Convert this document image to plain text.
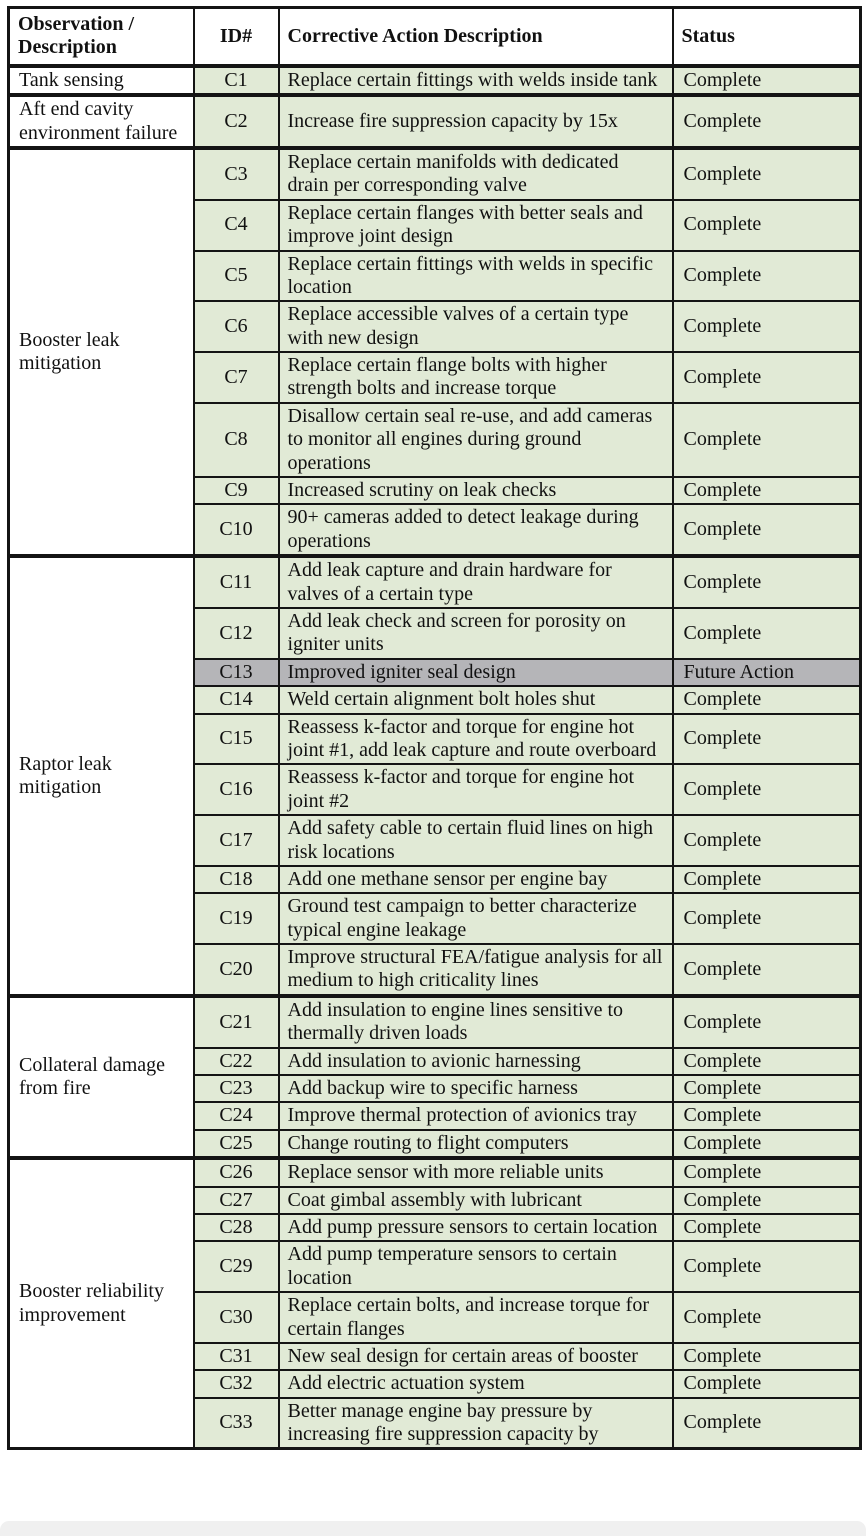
Observation / Description	ID#	Corrective Action Description	Status
Tank sensing	C1	Replace certain fittings with welds inside tank	Complete
Aft end cavity environment failure	C2	Increase fire suppression capacity by 15x	Complete
Booster leak mitigation	C3	Replace certain manifolds with dedicated drain per corresponding valve	Complete
	C4	Replace certain flanges with better seals and improve joint design	Complete
	C5	Replace certain fittings with welds in specific location	Complete
	C6	Replace accessible valves of a certain type with new design	Complete
	C7	Replace certain flange bolts with higher strength bolts and increase torque	Complete
	C8	Disallow certain seal re-use, and add cameras to monitor all engines during ground operations	Complete
	C9	Increased scrutiny on leak checks	Complete
	C10	90+ cameras added to detect leakage during operations	Complete
Raptor leak mitigation	C11	Add leak capture and drain hardware for valves of a certain type	Complete
	C12	Add leak check and screen for porosity on igniter units	Complete
	C13	Improved igniter seal design	Future Action
	C14	Weld certain alignment bolt holes shut	Complete
	C15	Reassess k-factor and torque for engine hot joint #1, add leak capture and route overboard	Complete
	C16	Reassess k-factor and torque for engine hot joint #2	Complete
	C17	Add safety cable to certain fluid lines on high risk locations	Complete
	C18	Add one methane sensor per engine bay	Complete
	C19	Ground test campaign to better characterize typical engine leakage	Complete
	C20	Improve structural FEA/fatigue analysis for all medium to high criticality lines	Complete
Collateral damage from fire	C21	Add insulation to engine lines sensitive to thermally driven loads	Complete
	C22	Add insulation to avionic harnessing	Complete
	C23	Add backup wire to specific harness	Complete
	C24	Improve thermal protection of avionics tray	Complete
	C25	Change routing to flight computers	Complete
Booster reliability improvement	C26	Replace sensor with more reliable units	Complete
	C27	Coat gimbal assembly with lubricant	Complete
	C28	Add pump pressure sensors to certain location	Complete
	C29	Add pump temperature sensors to certain location	Complete
	C30	Replace certain bolts, and increase torque for certain flanges	Complete
	C31	New seal design for certain areas of booster	Complete
	C32	Add electric actuation system	Complete
	C33	Better manage engine bay pressure by increasing fire suppression capacity by	Complete
